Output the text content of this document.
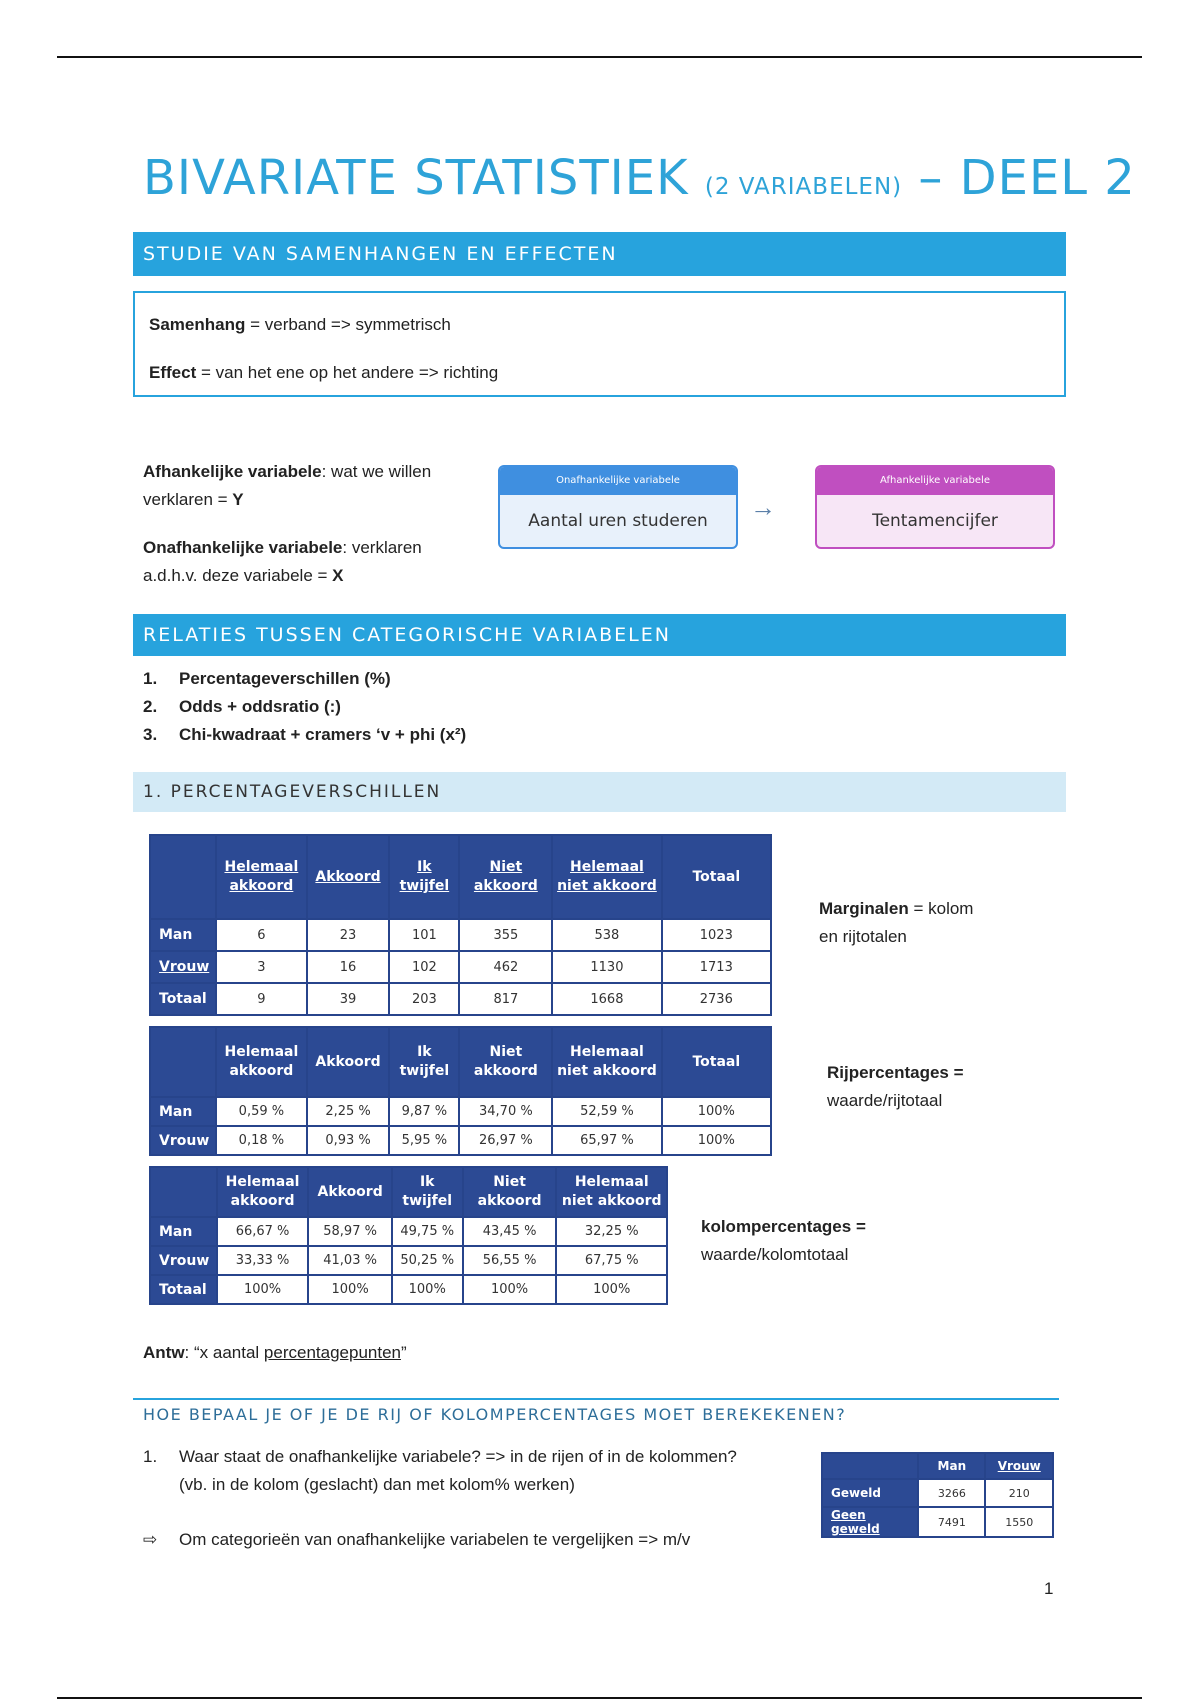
BIVARIATE STATISTIEK (2 VARIABELEN) – DEEL 2
STUDIE VAN SAMENHANGEN EN EFFECTEN
Samenhang = verband => symmetrisch
Effect = van het ene op het andere => richting
Afhankelijke variabele: wat we willen
verklaren = Y
Onafhankelijke variabele: verklaren
a.d.h.v. deze variabele = X
Onafhankelijke variabele
Aantal uren studeren	→
Afhankelijke variabele
Tentamencijfer
RELATIES TUSSEN CATEGORISCHE VARIABELEN
1. Percentageverschillen (%)
2. Odds + oddsratio (:)
3. Chi-kwadraat + cramers ‘v + phi (x²)
1. PERCENTAGEVERSCHILLEN
	Helemaal akkoord	Akkoord	Ik twijfel	Niet akkoord	Helemaal niet akkoord	Totaal
Man	6	23	101	355	538	1023
Vrouw	3	16	102	462	1130	1713
Totaal	9	39	203	817	1668	2736
Marginalen = kolom
en rijtotalen
	Helemaal akkoord	Akkoord	Ik twijfel	Niet akkoord	Helemaal niet akkoord	Totaal
Man	0,59 %	2,25 %	9,87 %	34,70 %	52,59 %	100%
Vrouw	0,18 %	0,93 %	5,95 %	26,97 %	65,97 %	100%
Rijpercentages =
waarde/rijtotaal
	Helemaal akkoord	Akkoord	Ik twijfel	Niet akkoord	Helemaal niet akkoord
Man	66,67 %	58,97 %	49,75 %	43,45 %	32,25 %
Vrouw	33,33 %	41,03 %	50,25 %	56,55 %	67,75 %
Totaal	100%	100%	100%	100%	100%
kolompercentages =
waarde/kolomtotaal
Antw: “x aantal percentagepunten”
HOE BEPAAL JE OF JE DE RIJ OF KOLOMPERCENTAGES MOET BEREKEKENEN?
1. Waar staat de onafhankelijke variabele? => in de rijen of in de kolommen?
(vb. in de kolom (geslacht) dan met kolom% werken)
⇨ Om categorieën van onafhankelijke variabelen te vergelijken => m/v
	Man	Vrouw
Geweld	3266	210
Geen geweld	7491	1550
1
